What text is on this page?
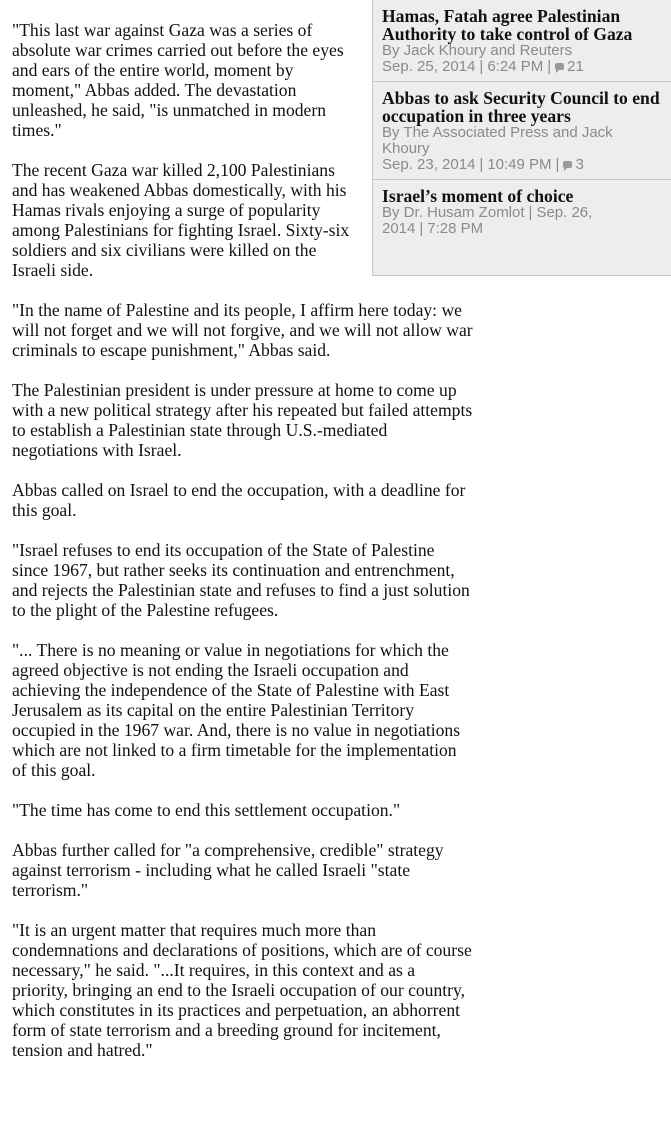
"This last war against Gaza was a series of absolute war crimes carried out before the eyes and ears of the entire world, moment by moment," Abbas added. The devastation unleashed, he said, "is unmatched in modern times."

The recent Gaza war killed 2,100 Palestinians and has weakened Abbas domestically, with his Hamas rivals enjoying a surge of popularity among Palestinians for fighting Israel. Sixty-six soldiers and six civilians were killed on the Israeli side.

"In the name of Palestine and its people, I affirm here today: we will not forget and we will not forgive, and we will not allow war criminals to escape punishment," Abbas said.

The Palestinian president is under pressure at home to come up with a new political strategy after his repeated but failed attempts to establish a Palestinian state through U.S.-mediated negotiations with Israel.

Abbas called on Israel to end the occupation, with a deadline for this goal.

"Israel refuses to end its occupation of the State of Palestine since 1967, but rather seeks its continuation and entrenchment, and rejects the Palestinian state and refuses to find a just solution to the plight of the Palestine refugees.

"... There is no meaning or value in negotiations for which the agreed objective is not ending the Israeli occupation and achieving the independence of the State of Palestine with East Jerusalem as its capital on the entire Palestinian Territory occupied in the 1967 war. And, there is no value in negotiations which are not linked to a firm timetable for the implementation of this goal.

"The time has come to end this settlement occupation."

Abbas further called for "a comprehensive, credible" strategy against terrorism - including what he called Israeli "state terrorism."

"It is an urgent matter that requires much more than condemnations and declarations of positions, which are of course necessary," he said. "...It requires, in this context and as a priority, bringing an end to the Israeli occupation of our country, which constitutes in its practices and perpetuation, an abhorrent form of state terrorism and a breeding ground for incitement, tension and hatred."

Hamas, Fatah agree Palestinian Authority to take control of Gaza
By Jack Khoury and Reuters
Sep. 25, 2014 | 6:24 PM | 21
Abbas to ask Security Council to end occupation in three years
By The Associated Press and Jack Khoury
Sep. 23, 2014 | 10:49 PM | 3
Israel’s moment of choice
By Dr. Husam Zomlot | Sep. 26, 2014 | 7:28 PM
